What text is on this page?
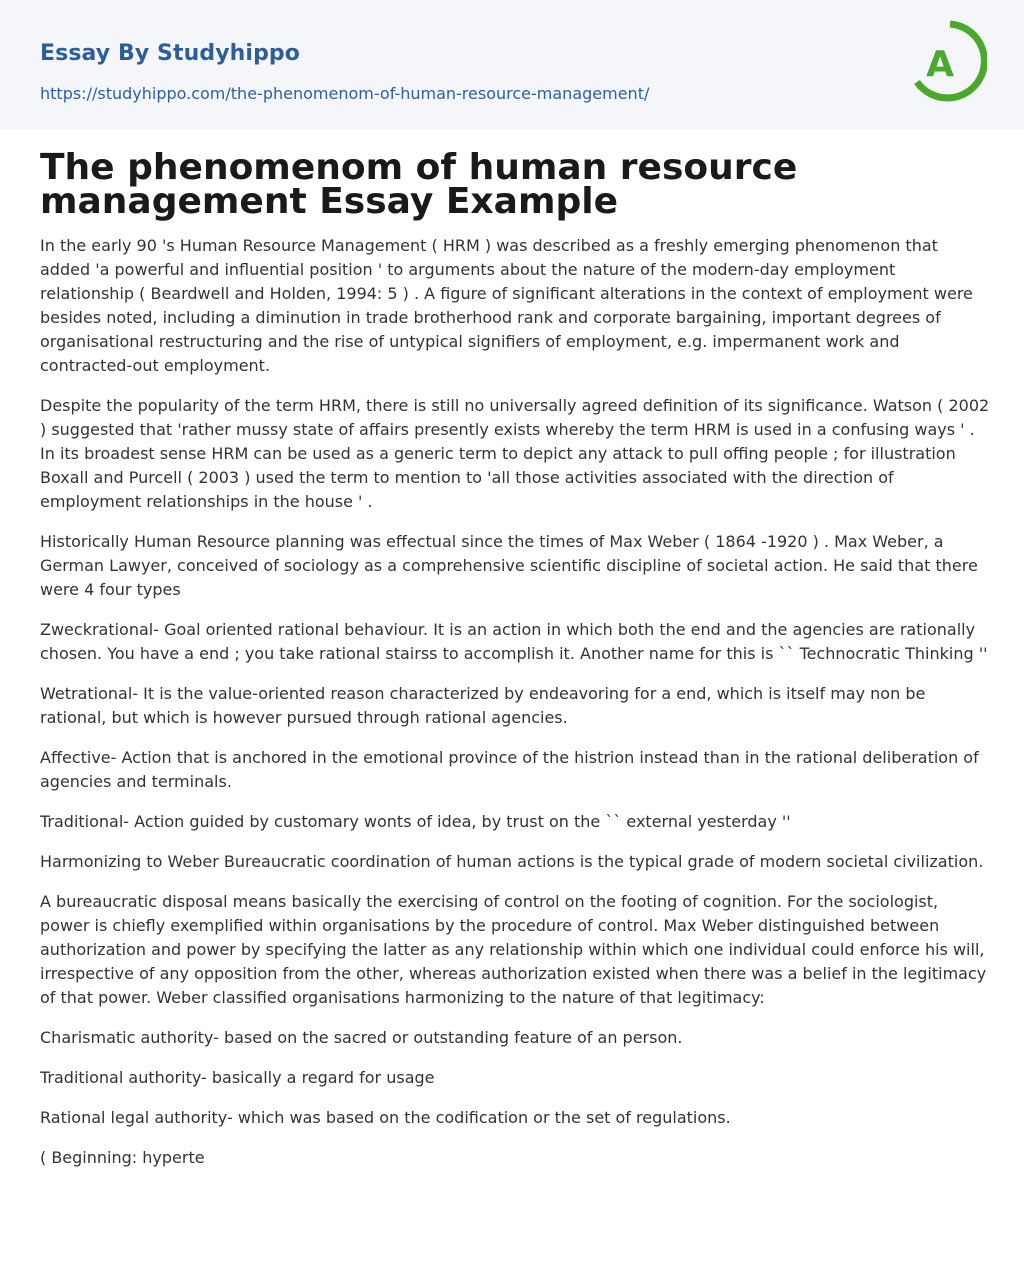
Essay By Studyhippo
https://studyhippo.com/the-phenomenom-of-human-resource-management/
A
The phenomenom of human resource management Essay Example

In the early 90 's Human Resource Management ( HRM ) was described as a freshly emerging phenomenon that added 'a powerful and influential position ' to arguments about the nature of the modern-day employment relationship ( Beardwell and Holden, 1994: 5 ) . A figure of significant alterations in the context of employment were besides noted, including a diminution in trade brotherhood rank and corporate bargaining, important degrees of organisational restructuring and the rise of untypical signifiers of employment, e.g. impermanent work and contracted-out employment.

Despite the popularity of the term HRM, there is still no universally agreed definition of its significance. Watson ( 2002 ) suggested that 'rather mussy state of affairs presently exists whereby the term HRM is used in a confusing ways ' . In its broadest sense HRM can be used as a generic term to depict any attack to pull offing people ; for illustration Boxall and Purcell ( 2003 ) used the term to mention to 'all those activities associated with the direction of employment relationships in the house ' .

Historically Human Resource planning was effectual since the times of Max Weber ( 1864 -1920 ) . Max Weber, a German Lawyer, conceived of sociology as a comprehensive scientific discipline of societal action. He said that there were 4 four types

Zweckrational- Goal oriented rational behaviour. It is an action in which both the end and the agencies are rationally chosen. You have a end ; you take rational stairss to accomplish it. Another name for this is `` Technocratic Thinking ''

Wetrational- It is the value-oriented reason characterized by endeavoring for a end, which is itself may non be rational, but which is however pursued through rational agencies.

Affective- Action that is anchored in the emotional province of the histrion instead than in the rational deliberation of agencies and terminals.

Traditional- Action guided by customary wonts of idea, by trust on the `` external yesterday ''

Harmonizing to Weber Bureaucratic coordination of human actions is the typical grade of modern societal civilization.

A bureaucratic disposal means basically the exercising of control on the footing of cognition. For the sociologist, power is chiefly exemplified within organisations by the procedure of control. Max Weber distinguished between authorization and power by specifying the latter as any relationship within which one individual could enforce his will, irrespective of any opposition from the other, whereas authorization existed when there was a belief in the legitimacy of that power. Weber classified organisations harmonizing to the nature of that legitimacy:

Charismatic authority- based on the sacred or outstanding feature of an person.

Traditional authority- basically a regard for usage

Rational legal authority- which was based on the codification or the set of regulations.

( Beginning: hyperte
